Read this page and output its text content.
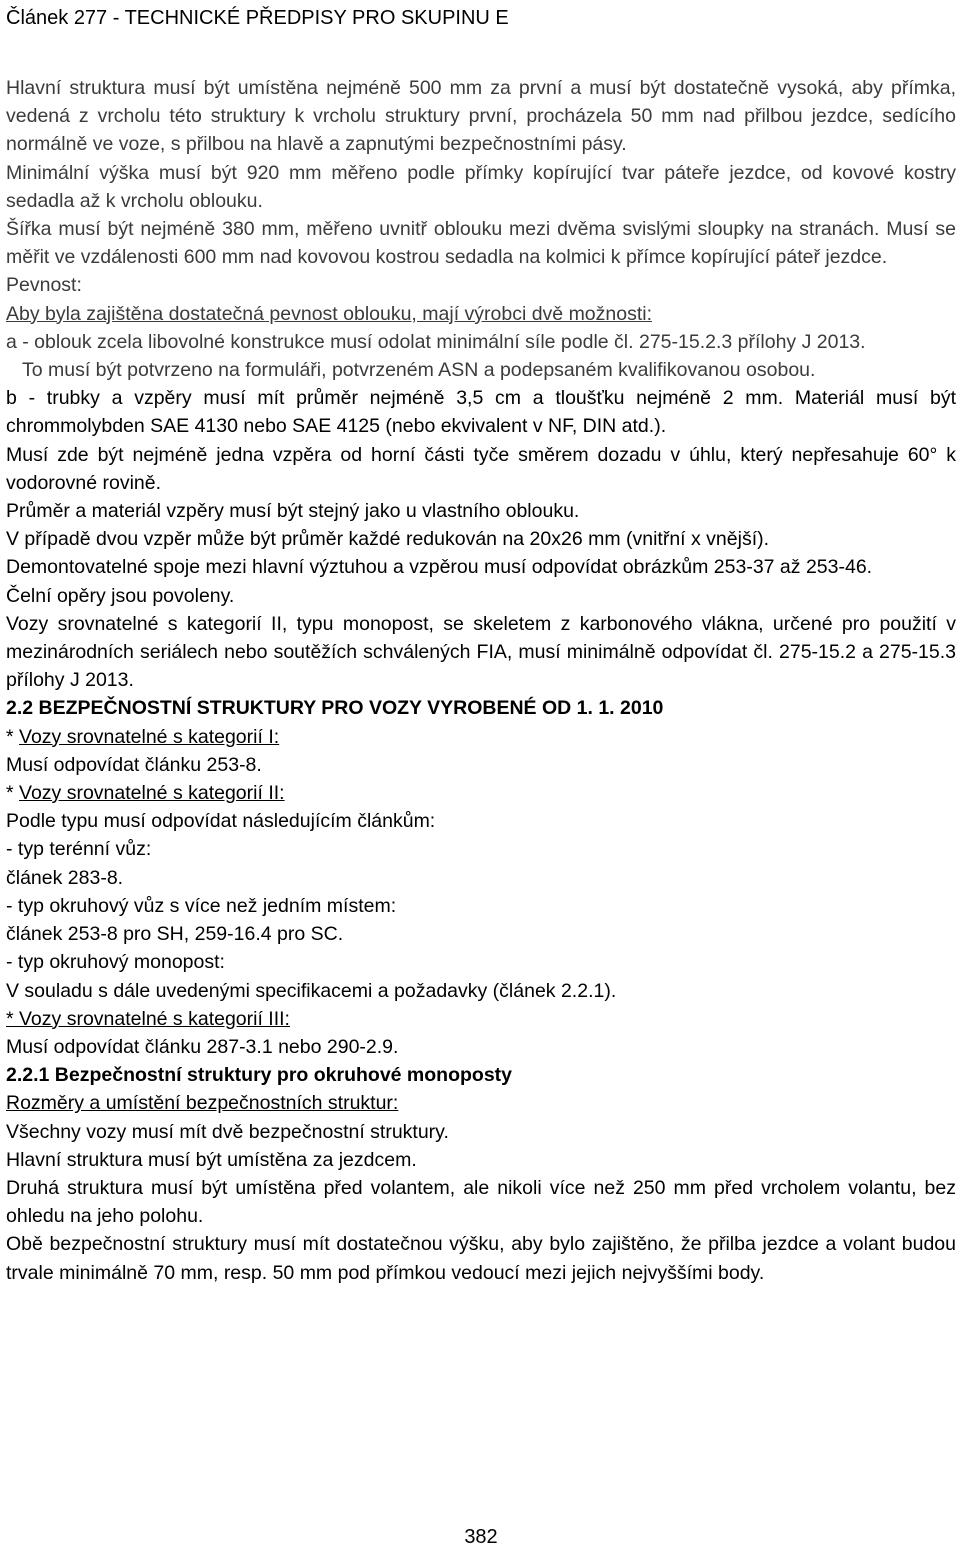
Článek 277 - TECHNICKÉ PŘEDPISY PRO SKUPINU E

Hlavní struktura musí být umístěna nejméně 500 mm za první a musí být dostatečně vysoká, aby přímka, vedená z vrcholu této struktury k vrcholu struktury první, procházela 50 mm nad přilbou jezdce, sedícího normálně ve voze, s přilbou na hlavě a zapnutými bezpečnostními pásy.

Minimální výška musí být 920 mm měřeno podle přímky kopírující tvar páteře jezdce, od kovové kostry sedadla až k vrcholu oblouku.

Šířka musí být nejméně 380 mm, měřeno uvnitř oblouku mezi dvěma svislými sloupky na stranách. Musí se měřit ve vzdálenosti 600 mm nad kovovou kostrou sedadla na kolmici k přímce kopírující páteř jezdce.

Pevnost:

Aby byla zajištěna dostatečná pevnost oblouku, mají výrobci dvě možnosti:

a - oblouk zcela libovolné konstrukce musí odolat minimální síle podle čl. 275-15.2.3 přílohy J 2013.

To musí být potvrzeno na formuláři, potvrzeném ASN a podepsaném kvalifikovanou osobou.

b - trubky a vzpěry musí mít průměr nejméně 3,5 cm a tloušťku nejméně 2 mm. Materiál musí být chrommolybden SAE 4130 nebo SAE 4125 (nebo ekvivalent v NF, DIN atd.).

Musí zde být nejméně jedna vzpěra od horní části tyče směrem dozadu v úhlu, který nepřesahuje 60° k vodorovné rovině.

Průměr a materiál vzpěry musí být stejný jako u vlastního oblouku.

V případě dvou vzpěr může být průměr každé redukován na 20x26 mm (vnitřní x vnější).

Demontovatelné spoje mezi hlavní výztuhou a vzpěrou musí odpovídat obrázkům 253-37 až 253-46.

Čelní opěry jsou povoleny.

Vozy srovnatelné s kategorií II, typu monopost, se skeletem z karbonového vlákna, určené pro použití v mezinárodních seriálech nebo soutěžích schválených FIA, musí minimálně odpovídat čl. 275-15.2 a 275-15.3 přílohy J 2013.

2.2 BEZPEČNOSTNÍ STRUKTURY PRO VOZY VYROBENÉ OD 1. 1. 2010

* Vozy srovnatelné s kategorií I:

Musí odpovídat článku 253-8.

* Vozy srovnatelné s kategorií II:

Podle typu musí odpovídat následujícím článkům:

- typ terénní vůz:

článek 283-8.

- typ okruhový vůz s více než jedním místem:

článek 253-8 pro SH, 259-16.4 pro SC.

- typ okruhový monopost:

V souladu s dále uvedenými specifikacemi a požadavky (článek 2.2.1).

* Vozy srovnatelné s kategorií III:

Musí odpovídat článku 287-3.1 nebo 290-2.9.

2.2.1 Bezpečnostní struktury pro okruhové monoposty

Rozměry a umístění bezpečnostních struktur:

Všechny vozy musí mít dvě bezpečnostní struktury.

Hlavní struktura musí být umístěna za jezdcem.

Druhá struktura musí být umístěna před volantem, ale nikoli více než 250 mm před vrcholem volantu, bez ohledu na jeho polohu.

Obě bezpečnostní struktury musí mít dostatečnou výšku, aby bylo zajištěno, že přilba jezdce a volant budou trvale minimálně 70 mm, resp. 50 mm pod přímkou vedoucí mezi jejich nejvyššími body.

382
